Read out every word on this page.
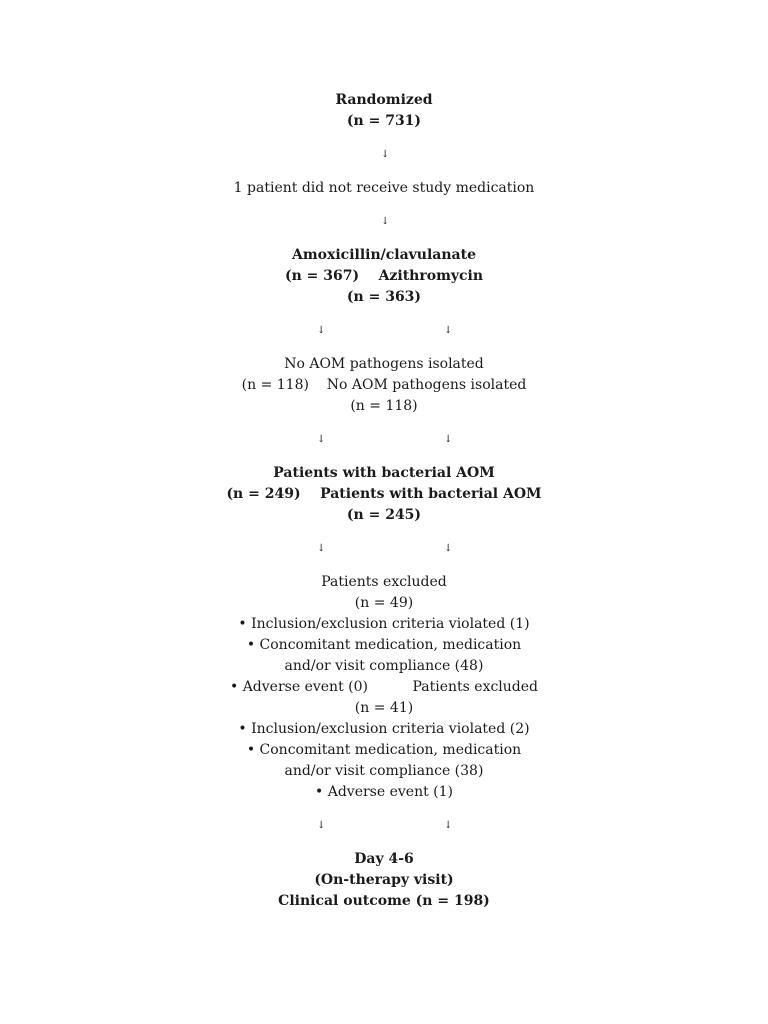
Randomized
(n = 731)
↓
1 patient did not receive study medication
↓
Amoxicillin/clavulanate
(n = 367)    Azithromycin
(n = 363)
↓	↓
No AOM pathogens isolated
(n = 118)    No AOM pathogens isolated
(n = 118)
↓	↓
Patients with bacterial AOM
(n = 249)    Patients with bacterial AOM
(n = 245)
↓	↓
Patients excluded
(n = 49)
• Inclusion/exclusion criteria violated (1)
• Concomitant medication, medication
and/or visit compliance (48)
• Adverse event (0)          Patients excluded
(n = 41)
• Inclusion/exclusion criteria violated (2)
• Concomitant medication, medication
and/or visit compliance (38)
• Adverse event (1)
↓	↓
Day 4-6
(On-therapy visit)
Clinical outcome (n = 198)
